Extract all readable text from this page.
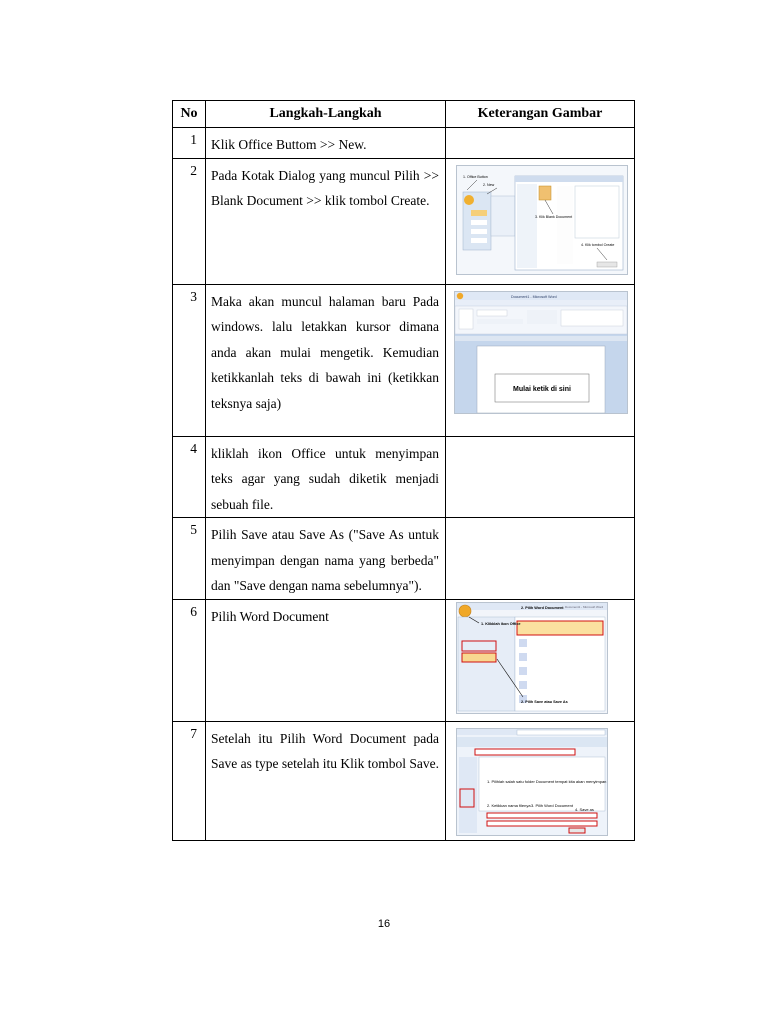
No	Langkah-Langkah	Keterangan Gambar
1	Klik Office Buttom >> New.	
2	Pada Kotak Dialog yang muncul Pilih >> Blank Document >> klik tombol Create.	1. Office Button
2. New
3. Klik Blank Document
4. Klik tombol Create

3	Maka akan muncul halaman baru Pada windows. lalu letakkan kursor dimana anda akan mulai mengetik. Kemudian ketikkanlah teks di bawah ini (ketikkan teksnya saja)	Document1 - Microsoft Word
Mulai ketik di sini

4	kliklah ikon Office untuk menyimpan teks agar yang sudah diketik menjadi sebuah file.	
5	Pilih Save atau Save As ("Save As untuk menyimpan dengan nama yang berbeda" dan "Save dengan nama sebelumnya").	
6	Pilih Word Document	Document1 - Microsoft Word
1. Klikklah ikon Office
2. Pilih Word Document
2. Pilih Save atau Save As

7	Setelah itu Pilih Word Document pada Save as type setelah itu Klik tombol Save.	1. Pilihlah salah satu folder Document tempat kita akan menyimpan
2. Ketikkan nama filenya 3. Pilih Word Document
4. Save as
16
